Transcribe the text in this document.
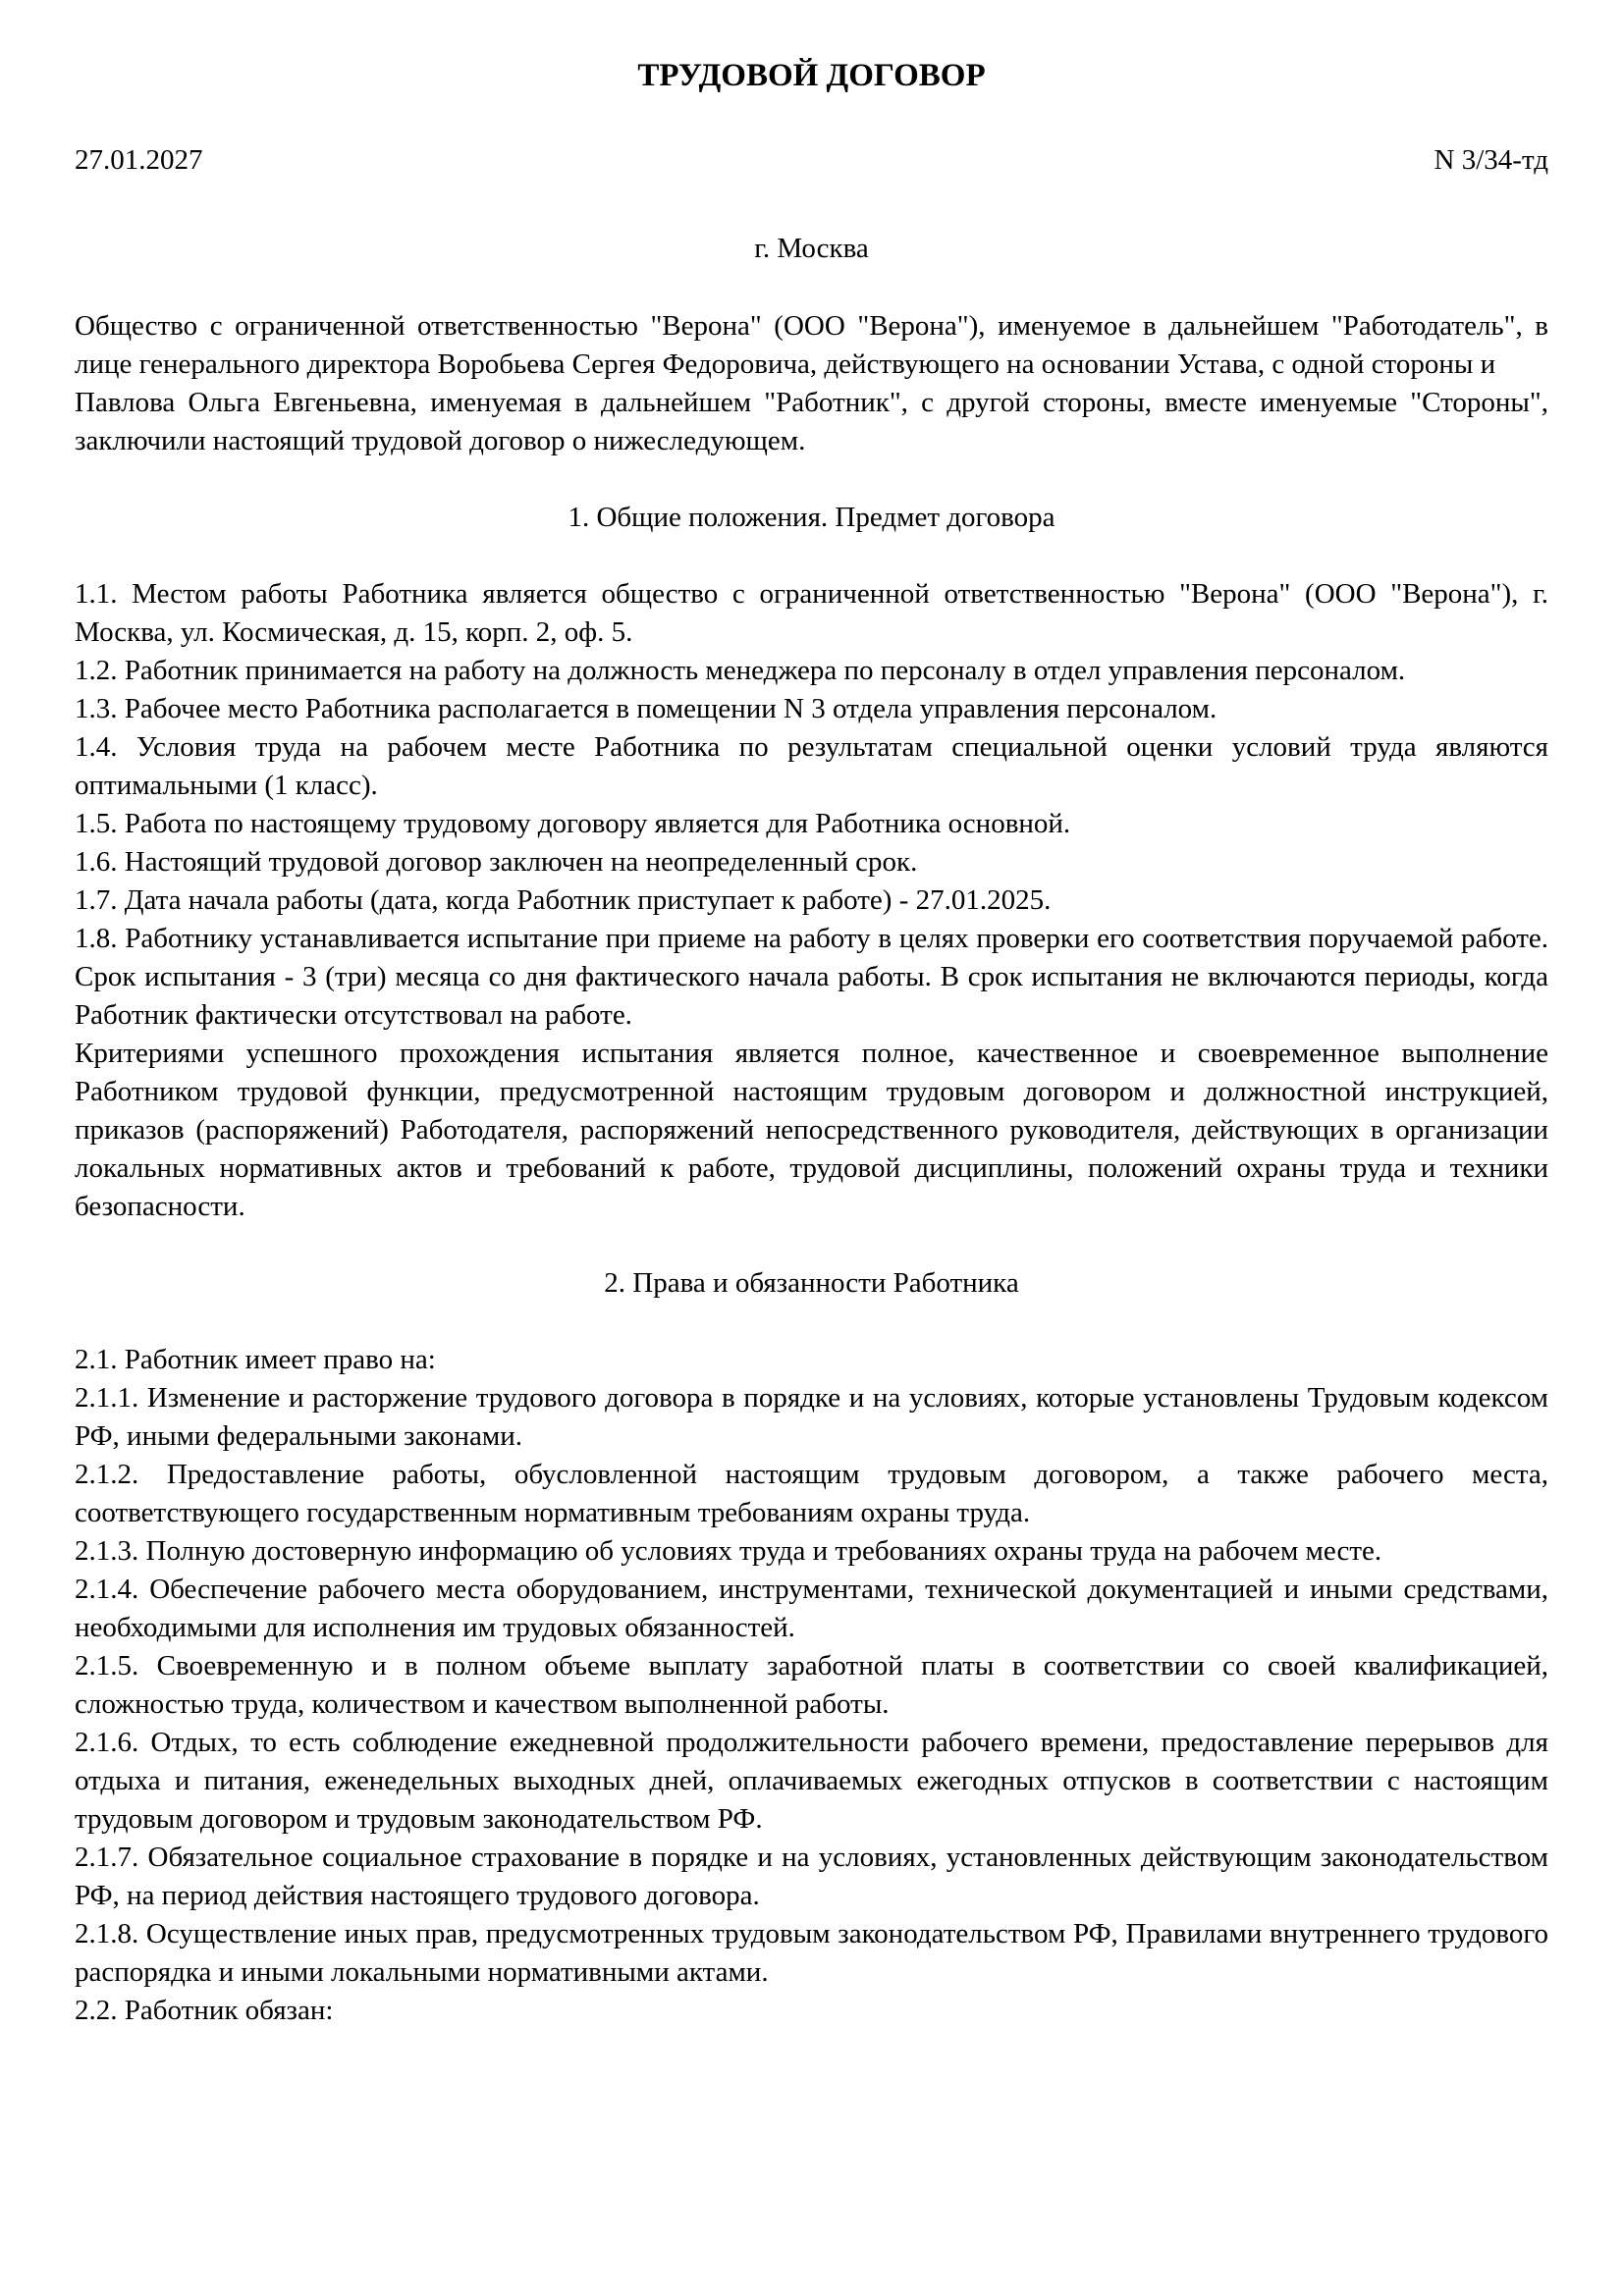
ТРУДОВОЙ ДОГОВОР
27.01.2027	N 3/34-тд
г. Москва

Общество с ограниченной ответственностью "Верона" (ООО "Верона"), именуемое в дальнейшем "Работодатель", в лице генерального директора Воробьева Сергея Федоровича, действующего на основании Устава, с одной стороны и

Павлова Ольга Евгеньевна, именуемая в дальнейшем "Работник", с другой стороны, вместе именуемые "Стороны", заключили настоящий трудовой договор о нижеследующем.

1. Общие положения. Предмет договора

1.1. Местом работы Работника является общество с ограниченной ответственностью "Верона" (ООО "Верона"), г. Москва, ул. Космическая, д. 15, корп. 2, оф. 5.

1.2. Работник принимается на работу на должность менеджера по персоналу в отдел управления персоналом.

1.3. Рабочее место Работника располагается в помещении N 3 отдела управления персоналом.

1.4. Условия труда на рабочем месте Работника по результатам специальной оценки условий труда являются оптимальными (1 класс).

1.5. Работа по настоящему трудовому договору является для Работника основной.

1.6. Настоящий трудовой договор заключен на неопределенный срок.

1.7. Дата начала работы (дата, когда Работник приступает к работе) - 27.01.2025.

1.8. Работнику устанавливается испытание при приеме на работу в целях проверки его соответствия поручаемой работе. Срок испытания - 3 (три) месяца со дня фактического начала работы. В срок испытания не включаются периоды, когда Работник фактически отсутствовал на работе.

Критериями успешного прохождения испытания является полное, качественное и своевременное выполнение Работником трудовой функции, предусмотренной настоящим трудовым договором и должностной инструкцией, приказов (распоряжений) Работодателя, распоряжений непосредственного руководителя, действующих в организации локальных нормативных актов и требований к работе, трудовой дисциплины, положений охраны труда и техники безопасности.

2. Права и обязанности Работника

2.1. Работник имеет право на:

2.1.1. Изменение и расторжение трудового договора в порядке и на условиях, которые установлены Трудовым кодексом РФ, иными федеральными законами.

2.1.2. Предоставление работы, обусловленной настоящим трудовым договором, а также рабочего места, соответствующего государственным нормативным требованиям охраны труда.

2.1.3. Полную достоверную информацию об условиях труда и требованиях охраны труда на рабочем месте.

2.1.4. Обеспечение рабочего места оборудованием, инструментами, технической документацией и иными средствами, необходимыми для исполнения им трудовых обязанностей.

2.1.5. Своевременную и в полном объеме выплату заработной платы в соответствии со своей квалификацией, сложностью труда, количеством и качеством выполненной работы.

2.1.6. Отдых, то есть соблюдение ежедневной продолжительности рабочего времени, предоставление перерывов для отдыха и питания, еженедельных выходных дней, оплачиваемых ежегодных отпусков в соответствии с настоящим трудовым договором и трудовым законодательством РФ.

2.1.7. Обязательное социальное страхование в порядке и на условиях, установленных действующим законодательством РФ, на период действия настоящего трудового договора.

2.1.8. Осуществление иных прав, предусмотренных трудовым законодательством РФ, Правилами внутреннего трудового распорядка и иными локальными нормативными актами.

2.2. Работник обязан:
